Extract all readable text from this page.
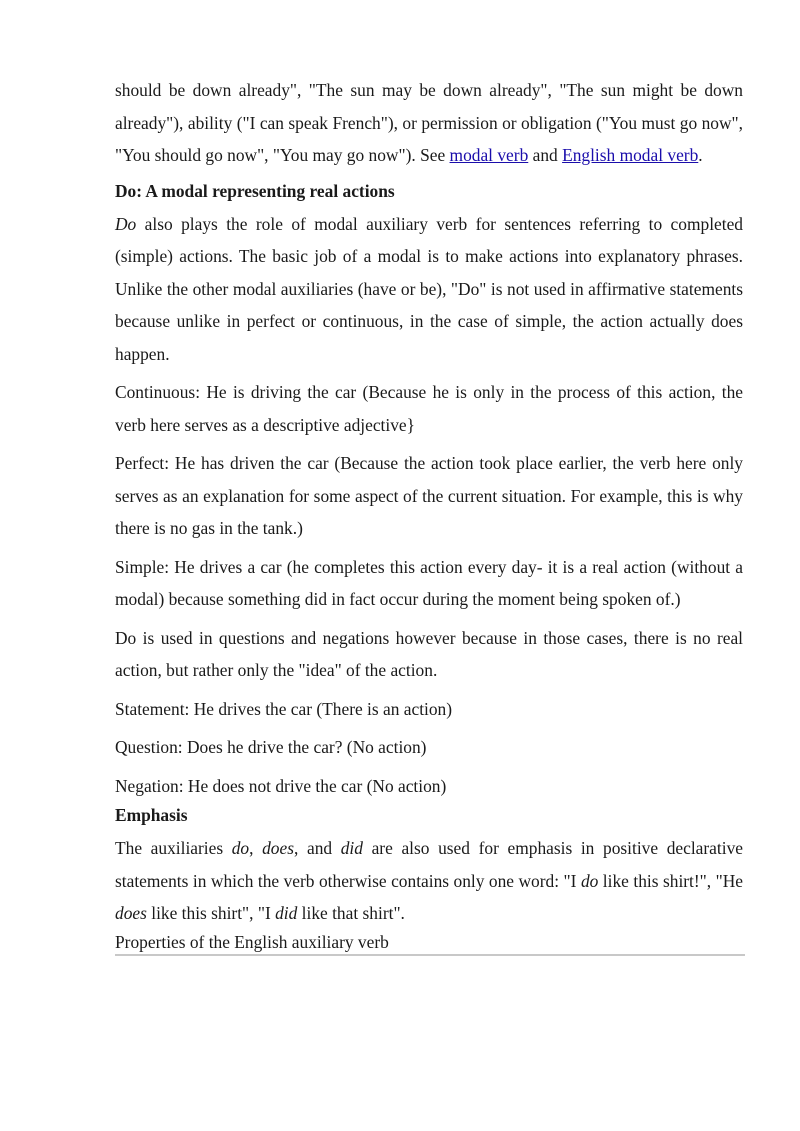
should be down already", "The sun may be down already", "The sun might be down already"), ability ("I can speak French"), or permission or obligation ("You must go now", "You should go now", "You may go now"). See modal verb and English modal verb.

Do: A modal representing real actions

Do also plays the role of modal auxiliary verb for sentences referring to completed (simple) actions. The basic job of a modal is to make actions into explanatory phrases. Unlike the other modal auxiliaries (have or be), "Do" is not used in affirmative statements because unlike in perfect or continuous, in the case of simple, the action actually does happen.

Continuous: He is driving the car (Because he is only in the process of this action, the verb here serves as a descriptive adjective}

Perfect: He has driven the car (Because the action took place earlier, the verb here only serves as an explanation for some aspect of the current situation. For example, this is why there is no gas in the tank.)

Simple: He drives a car (he completes this action every day- it is a real action (without a modal) because something did in fact occur during the moment being spoken of.)

Do is used in questions and negations however because in those cases, there is no real action, but rather only the "idea" of the action.

Statement: He drives the car (There is an action)

Question: Does he drive the car? (No action)

Negation: He does not drive the car (No action)

Emphasis

The auxiliaries do, does, and did are also used for emphasis in positive declarative statements in which the verb otherwise contains only one word: "I do like this shirt!", "He does like this shirt", "I did like that shirt".

Properties of the English auxiliary verb
